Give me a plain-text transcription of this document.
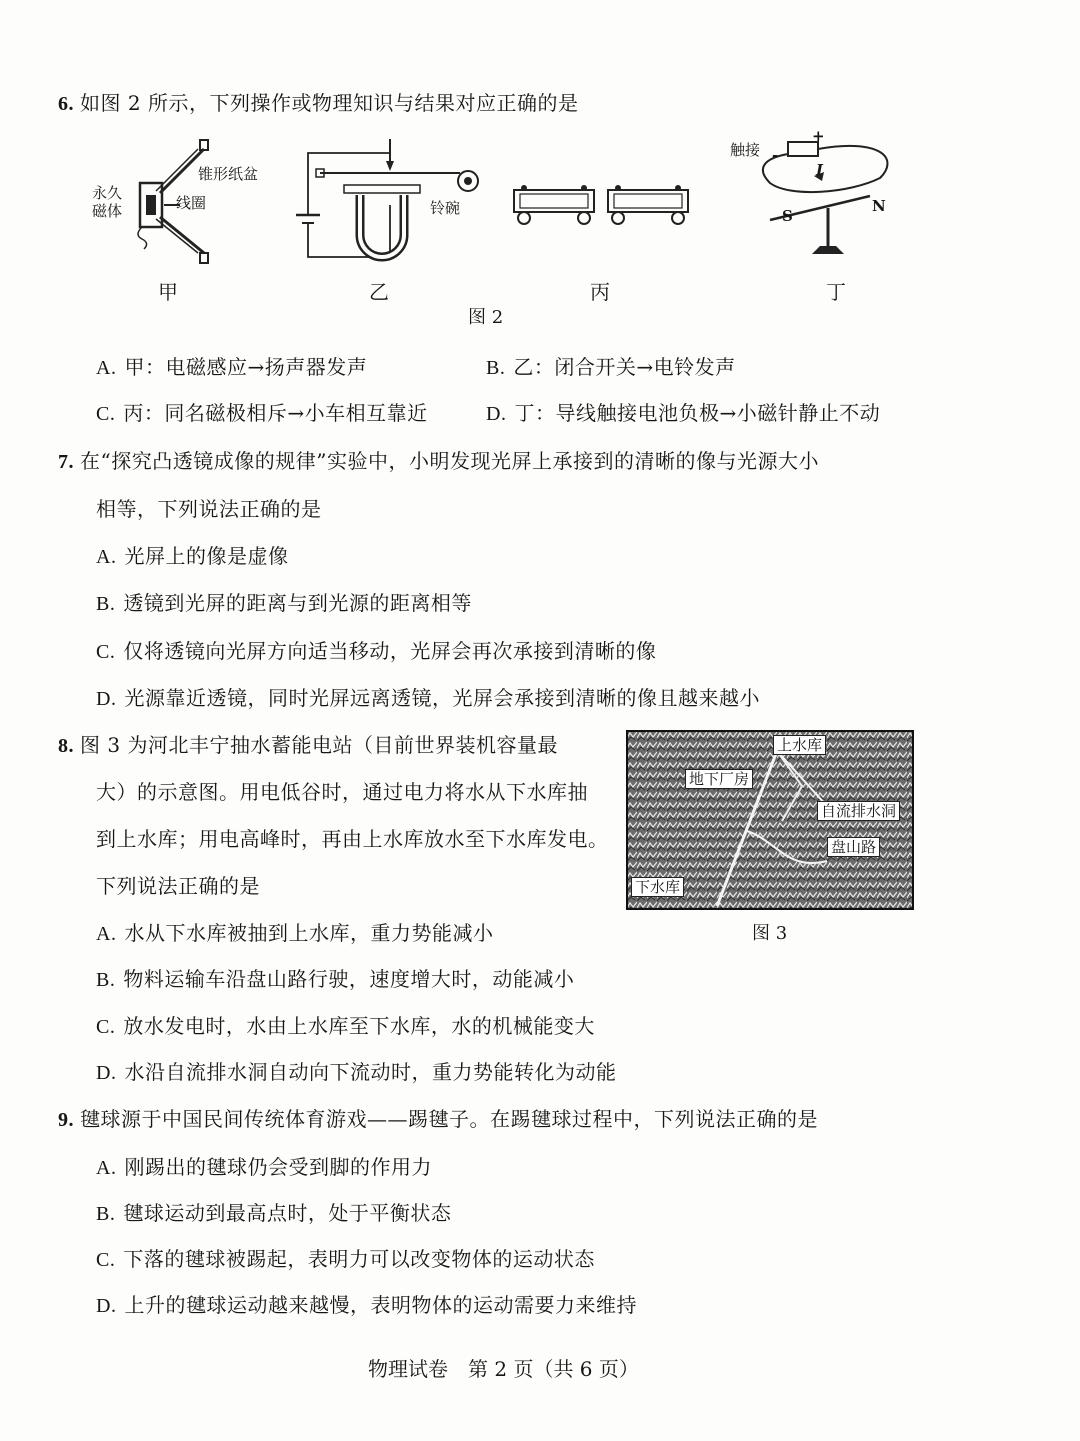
6. 如图 2 所示，下列操作或物理知识与结果对应正确的是
锥形纸盆
永久
磁体	线圈
甲
铃碗
乙	丙
触接 -
+
I
S
N
丁
图 2
A. 甲：电磁感应→扬声器发声	B. 乙：闭合开关→电铃发声
C. 丙：同名磁极相斥→小车相互靠近	D. 丁：导线触接电池负极→小磁针静止不动
7. 在“探究凸透镜成像的规律”实验中，小明发现光屏上承接到的清晰的像与光源大小
相等，下列说法正确的是
A. 光屏上的像是虚像
B. 透镜到光屏的距离与到光源的距离相等
C. 仅将透镜向光屏方向适当移动，光屏会再次承接到清晰的像
D. 光源靠近透镜，同时光屏远离透镜，光屏会承接到清晰的像且越来越小
8. 图 3 为河北丰宁抽水蓄能电站（目前世界装机容量最
大）的示意图。用电低谷时，通过电力将水从下水库抽
到上水库；用电高峰时，再由上水库放水至下水库发电。
下列说法正确的是
上水库
地下厂房
自流排水洞
盘山路
下水库
图 3
A. 水从下水库被抽到上水库，重力势能减小
B. 物料运输车沿盘山路行驶，速度增大时，动能减小
C. 放水发电时，水由上水库至下水库，水的机械能变大
D. 水沿自流排水洞自动向下流动时，重力势能转化为动能
9. 毽球源于中国民间传统体育游戏——踢毽子。在踢毽球过程中，下列说法正确的是
A. 刚踢出的毽球仍会受到脚的作用力
B. 毽球运动到最高点时，处于平衡状态
C. 下落的毽球被踢起，表明力可以改变物体的运动状态
D. 上升的毽球运动越来越慢，表明物体的运动需要力来维持
物理试卷　第 2 页（共 6 页）
